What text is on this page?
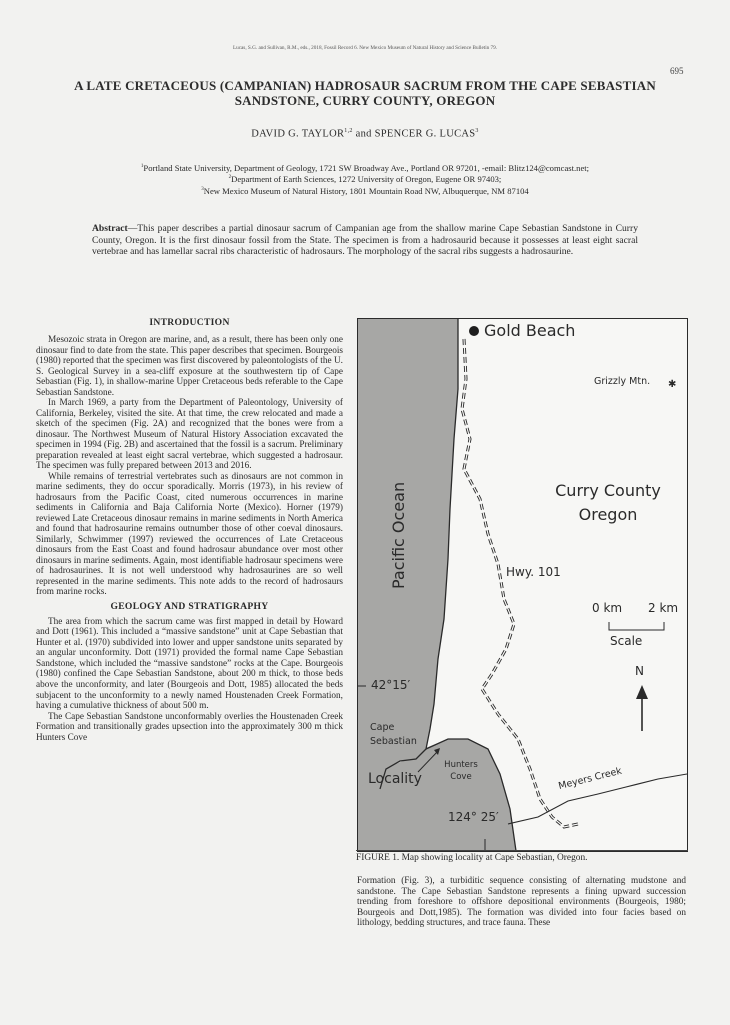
Lucas, S.G. and Sullivan, R.M., eds., 2018, Fossil Record 6. New Mexico Museum of Natural History and Science Bulletin 79.
695
A LATE CRETACEOUS (CAMPANIAN) HADROSAUR SACRUM FROM THE CAPE SEBASTIAN SANDSTONE, CURRY COUNTY, OREGON
DAVID G. TAYLOR$^{1,2}$ and SPENCER G. LUCAS$^3$
$^1$Portland State University, Department of Geology, 1721 SW Broadway Ave., Portland OR 97201, -email: Blitz124@comcast.net;
$^2$Department of Earth Sciences, 1272 University of Oregon, Eugene OR 97403;
$^3$New Mexico Museum of Natural History, 1801 Mountain Road NW, Albuquerque, NM 87104
Abstract—This paper describes a partial dinosaur sacrum of Campanian age from the shallow marine Cape Sebastian Sandstone in Curry County, Oregon. It is the first dinosaur fossil from the State. The specimen is from a hadrosaurid because it possesses at least eight sacral vertebrae and has lamellar sacral ribs characteristic of hadrosaurs. The morphology of the sacral ribs suggests a hadrosaurine.
INTRODUCTION

Mesozoic strata in Oregon are marine, and, as a result, there has been only one dinosaur find to date from the state. This paper describes that specimen. Bourgeois (1980) reported that the specimen was first discovered by paleontologists of the U. S. Geological Survey in a sea-cliff exposure at the southwestern tip of Cape Sebastian (Fig. 1), in shallow-marine Upper Cretaceous beds referable to the Cape Sebastian Sandstone.

In March 1969, a party from the Department of Paleontology, University of California, Berkeley, visited the site. At that time, the crew relocated and made a sketch of the specimen (Fig. 2A) and recognized that the bones were from a dinosaur. The Northwest Museum of Natural History Association excavated the specimen in 1994 (Fig. 2B) and ascertained that the fossil is a sacrum. Preliminary preparation revealed at least eight sacral vertebrae, which suggested a hadrosaur. The specimen was fully prepared between 2013 and 2016.

While remains of terrestrial vertebrates such as dinosaurs are not common in marine sediments, they do occur sporadically. Morris (1973), in his review of hadrosaurs from the Pacific Coast, cited numerous occurrences in marine sediments in California and Baja California Norte (Mexico). Horner (1979) reviewed Late Cretaceous dinosaur remains in marine sediments in North America and found that hadrosaurine remains outnumber those of other coeval dinosaurs. Similarly, Schwimmer (1997) reviewed the occurrences of Late Cretaceous dinosaurs from the East Coast and found hadrosaur abundance over most other dinosaurs in marine sediments. Again, most identifiable hadrosaur specimens were of hadrosaurines. It is not well understood why hadrosaurines are so well represented in the marine sediments. This note adds to the record of hadrosaurs from marine rocks.

GEOLOGY AND STRATIGRAPHY

The area from which the sacrum came was first mapped in detail by Howard and Dott (1961). This included a “massive sandstone” unit at Cape Sebastian that Hunter et al. (1970) subdivided into lower and upper sandstone units separated by an angular unconformity. Dott (1971) provided the formal name Cape Sebastian Sandstone, which included the “massive sandstone” rocks at the Cape. Bourgeois (1980) confined the Cape Sebastian Sandstone, about 200 m thick, to those beds above the unconformity, and later (Bourgeois and Dott, 1985) allocated the beds subjacent to the unconformity to a newly named Houstenaden Creek Formation, having a cumulative thickness of about 500 m.

The Cape Sebastian Sandstone unconformably overlies the Houstenaden Creek Formation and transitionally grades upsection into the approximately 300 m thick Hunters Cove

✱
Gold Beach
Grizzly Mtn.
Curry County
Oregon
Hwy. 101
0 km 2 km
Scale
N
42°15′
Cape
Sebastian
Hunters
Cove
Locality	Meyers Creek
124° 25′
FIGURE 1. Map showing locality at Cape Sebastian, Oregon.

Formation (Fig. 3), a turbiditic sequence consisting of alternating mudstone and sandstone. The Cape Sebastian Sandstone represents a fining upward succession trending from foreshore to offshore depositional environments (Bourgeois, 1980; Bourgeois and Dott,1985). The formation was divided into four facies based on lithology, bedding structures, and trace fauna. These
